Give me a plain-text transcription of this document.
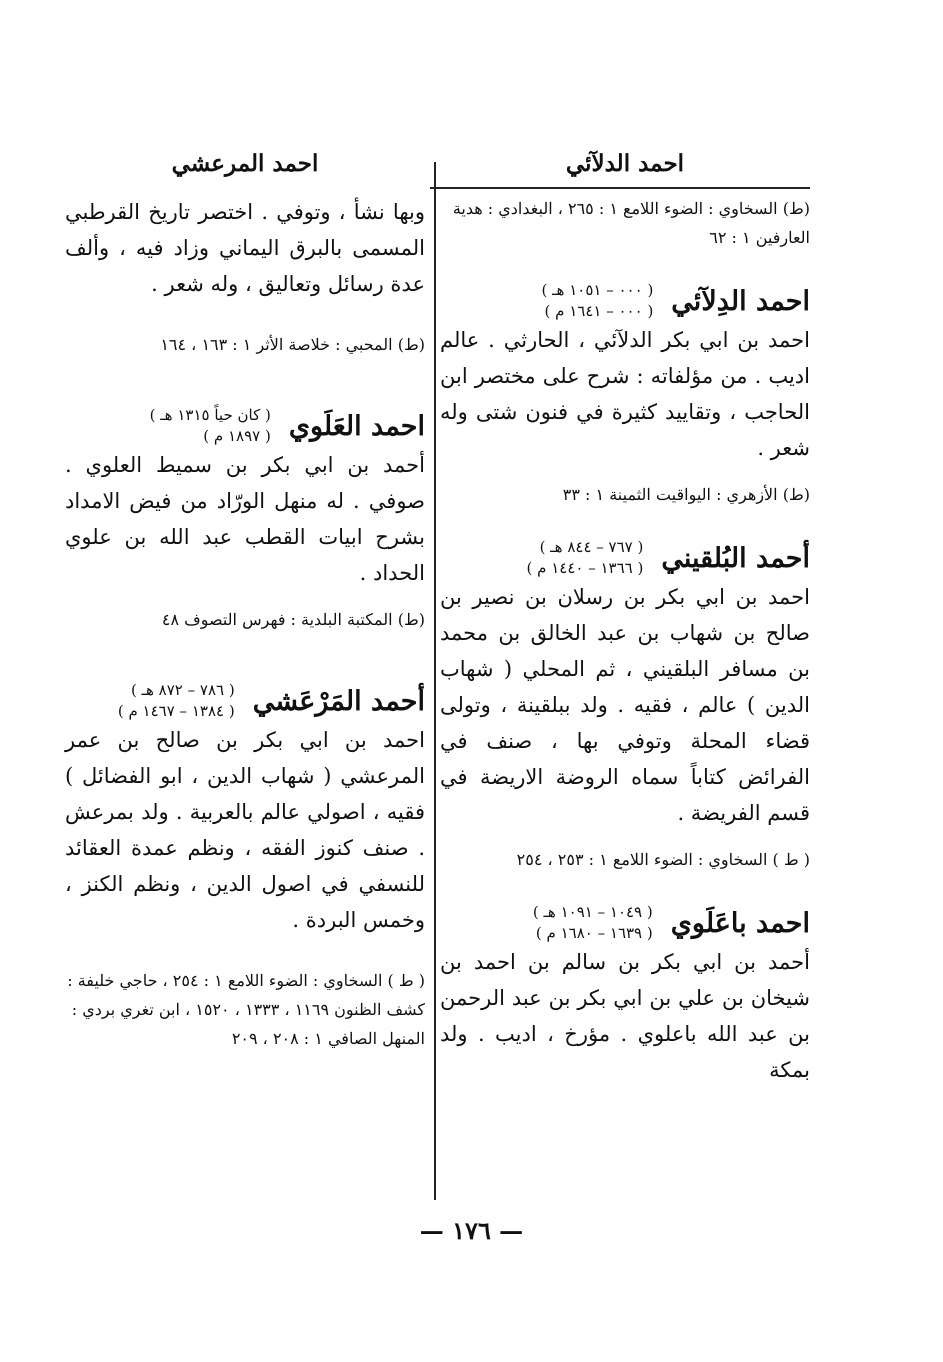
احمد الدلآئي
(ط) السخاوي : الضوء اللامع ١ : ٢٦٥ ، البغدادي : هدية العارفين ١ : ٦٢
احمد الدِلآئي
( ٠٠٠ – ١٠٥١ هـ )
( ٠٠٠ – ١٦٤١ م )
احمد بن ابي بكر الدلآئي ، الحارثي . عالم اديب . من مؤلفاته : شرح على مختصر ابن الحاجب ، وتقاييد كثيرة في فنون شتى وله شعر .
(ط) الأزهري : اليواقيت الثمينة ١ : ٣٣
أحمد البُلقيني
( ٧٦٧ – ٨٤٤ هـ )
( ١٣٦٦ – ١٤٤٠ م )
احمد بن ابي بكر بن رسلان بن نصير بن صالح بن شهاب بن عبد الخالق بن محمد بن مسافر البلقيني ، ثم المحلي ( شهاب الدين ) عالم ، فقيه . ولد ببلقينة ، وتولى قضاء المحلة وتوفي بها ، صنف في الفرائض كتاباً سماه الروضة الاريضة في قسم الفريضة .
( ط ) السخاوي : الضوء اللامع ١ : ٢٥٣ ، ٢٥٤
احمد باعَلَوي
( ١٠٤٩ – ١٠٩١ هـ )
( ١٦٣٩ – ١٦٨٠ م )
أحمد بن ابي بكر بن سالم بن احمد بن شيخان بن علي بن ابي بكر بن عبد الرحمن بن عبد الله باعلوي . مؤرخ ، اديب . ولد بمكة
احمد المرعشي
وبها نشأ ، وتوفي . اختصر تاريخ القرطبي المسمى بالبرق اليماني وزاد فيه ، وألف عدة رسائل وتعاليق ، وله شعر .
(ط) المحبي : خلاصة الأثر ١ : ١٦٣ ، ١٦٤
احمد العَلَوي
( كان حياً ١٣١٥ هـ )
( ١٨٩٧ م )
أحمد بن ابي بكر بن سميط العلوي . صوفي . له منهل الورّاد من فيض الامداد بشرح ابيات القطب عبد الله بن علوي الحداد .
(ط) المكتبة البلدية : فهرس التصوف ٤٨
أحمد المَرْعَشي
( ٧٨٦ – ٨٧٢ هـ )
( ١٣٨٤ – ١٤٦٧ م )
احمد بن ابي بكر بن صالح بن عمر المرعشي ( شهاب الدين ، ابو الفضائل ) فقيه ، اصولي عالم بالعربية . ولد بمرعش . صنف كنوز الفقه ، ونظم عمدة العقائد للنسفي في اصول الدين ، ونظم الكنز ، وخمس البردة .
( ط ) السخاوي : الضوء اللامع ١ : ٢٥٤ ، حاجي خليفة : كشف الظنون ١١٦٩ ، ١٣٣٣ ، ١٥٢٠ ، ابن تغري بردي : المنهل الصافي ١ : ٢٠٨ ، ٢٠٩
— ١٧٦ —
